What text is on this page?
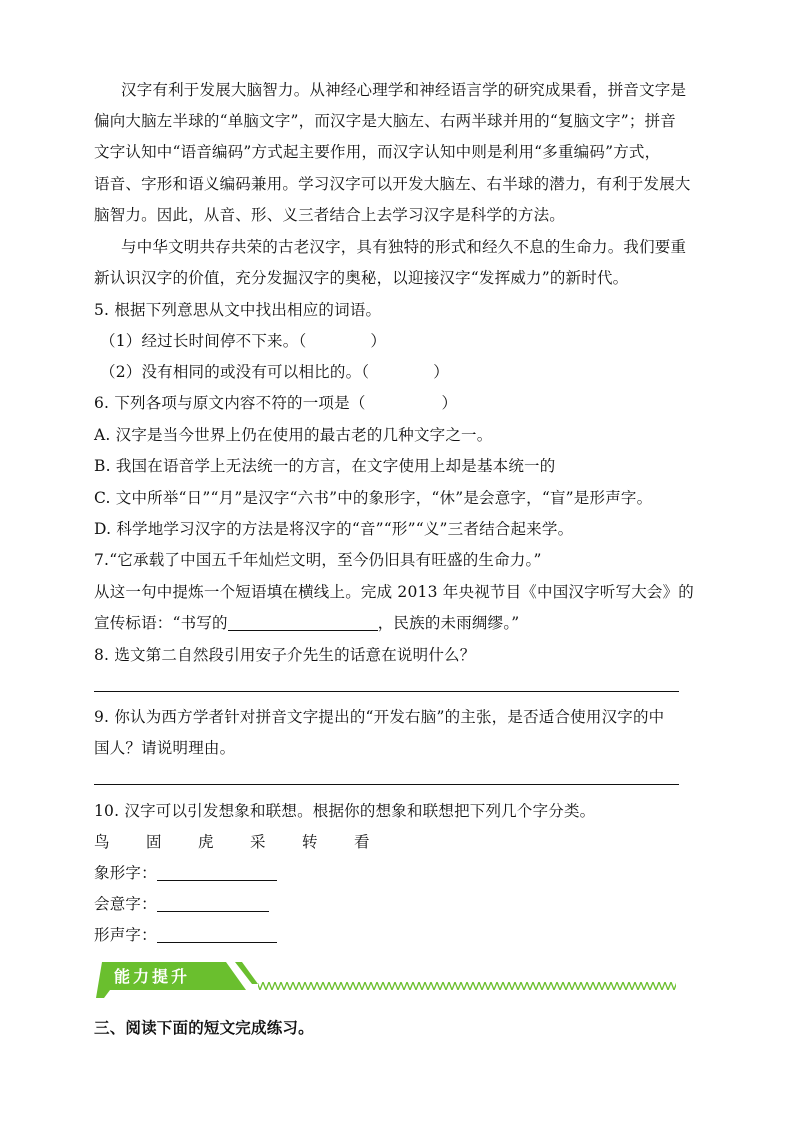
汉字有利于发展大脑智力。从神经心理学和神经语言学的研究成果看，拼音文字是
偏向大脑左半球的“单脑文字”，而汉字是大脑左、右两半球并用的“复脑文字”；拼音
文字认知中“语音编码”方式起主要作用，而汉字认知中则是利用“多重编码”方式，
语音、字形和语义编码兼用。学习汉字可以开发大脑左、右半球的潜力，有利于发展大
脑智力。因此，从音、形、义三者结合上去学习汉字是科学的方法。
与中华文明共存共荣的古老汉字，具有独特的形式和经久不息的生命力。我们要重
新认识汉字的价值，充分发掘汉字的奥秘，以迎接汉字“发挥威力”的新时代。
5. 根据下列意思从文中找出相应的词语。
（1）经过长时间停不下来。（	）
（2）没有相同的或没有可以相比的。（	）
6. 下列各项与原文内容不符的一项是（	）
A. 汉字是当今世界上仍在使用的最古老的几种文字之一。
B. 我国在语音学上无法统一的方言，在文字使用上却是基本统一的
C. 文中所举“日”“月”是汉字“六书”中的象形字，“休”是会意字，“盲”是形声字。
D. 科学地学习汉字的方法是将汉字的“音”“形”“义”三者结合起来学。
7.“它承载了中国五千年灿烂文明，至今仍旧具有旺盛的生命力。”
从这一句中提炼一个短语填在横线上。完成 2013 年央视节目《中国汉字听写大会》的
宣传标语：“书写的	，民族的未雨绸缪。”
8. 选文第二自然段引用安子介先生的话意在说明什么？
9. 你认为西方学者针对拼音文字提出的“开发右脑”的主张，是否适合使用汉字的中
国人？请说明理由。
10. 汉字可以引发想象和联想。根据你的想象和联想把下列几个字分类。
鸟 固 虎 采 转 看
象形字：
会意字：
形声字：
能力提升
三、阅读下面的短文完成练习。
